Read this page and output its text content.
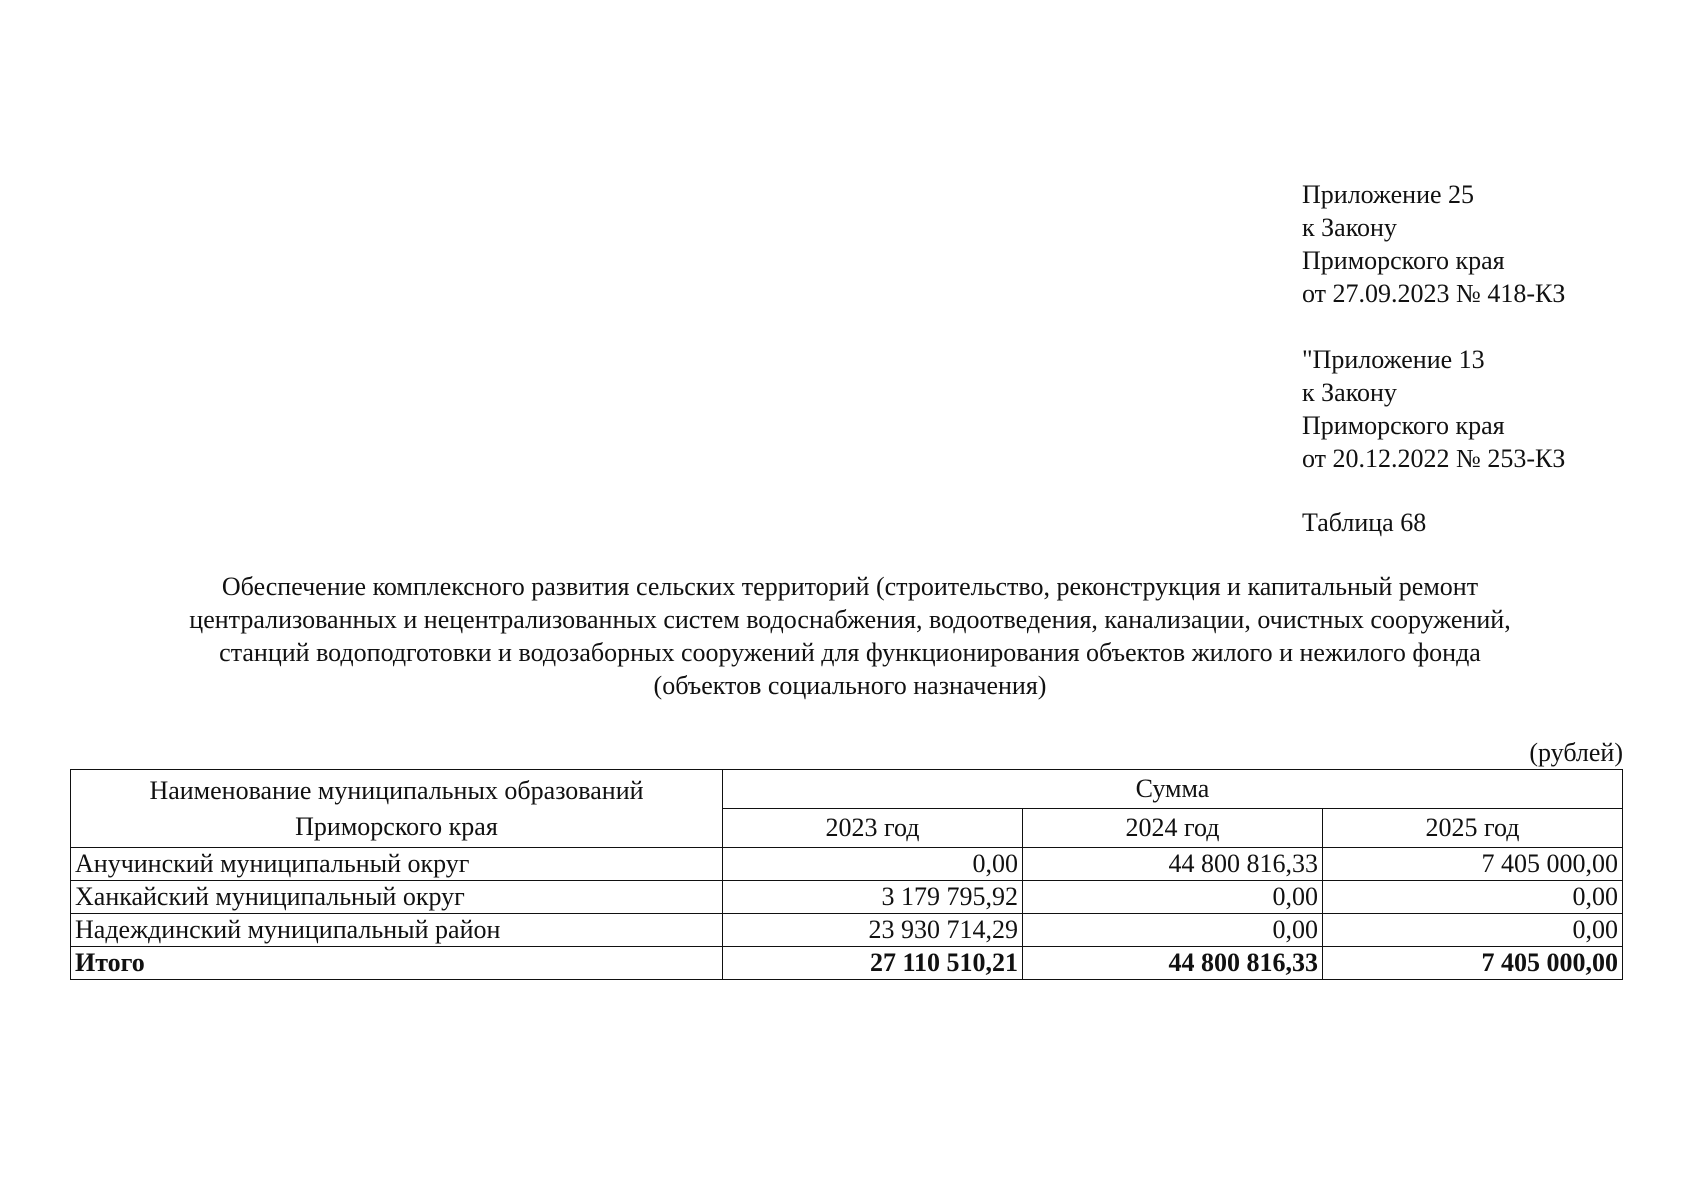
Приложение 25
к Закону
Приморского края
от 27.09.2023 № 418-КЗ
"Приложение 13
к Закону
Приморского края
от 20.12.2022 № 253-КЗ
Таблица 68
Обеспечение комплексного развития сельских территорий (строительство, реконструкция и капитальный ремонт
централизованных и нецентрализованных систем водоснабжения, водоотведения, канализации, очистных сооружений,
станций водоподготовки и водозаборных сооружений для функционирования объектов жилого и нежилого фонда
(объектов социального назначения)
(рублей)
Наименование муниципальных образований
Приморского края	Сумма		
	2023 год	2024 год	2025 год
Анучинский муниципальный округ	0,00	44 800 816,33	7 405 000,00
Ханкайский муниципальный округ	3 179 795,92	0,00	0,00
Надеждинский муниципальный район	23 930 714,29	0,00	0,00
Итого	27 110 510,21	44 800 816,33	7 405 000,00
